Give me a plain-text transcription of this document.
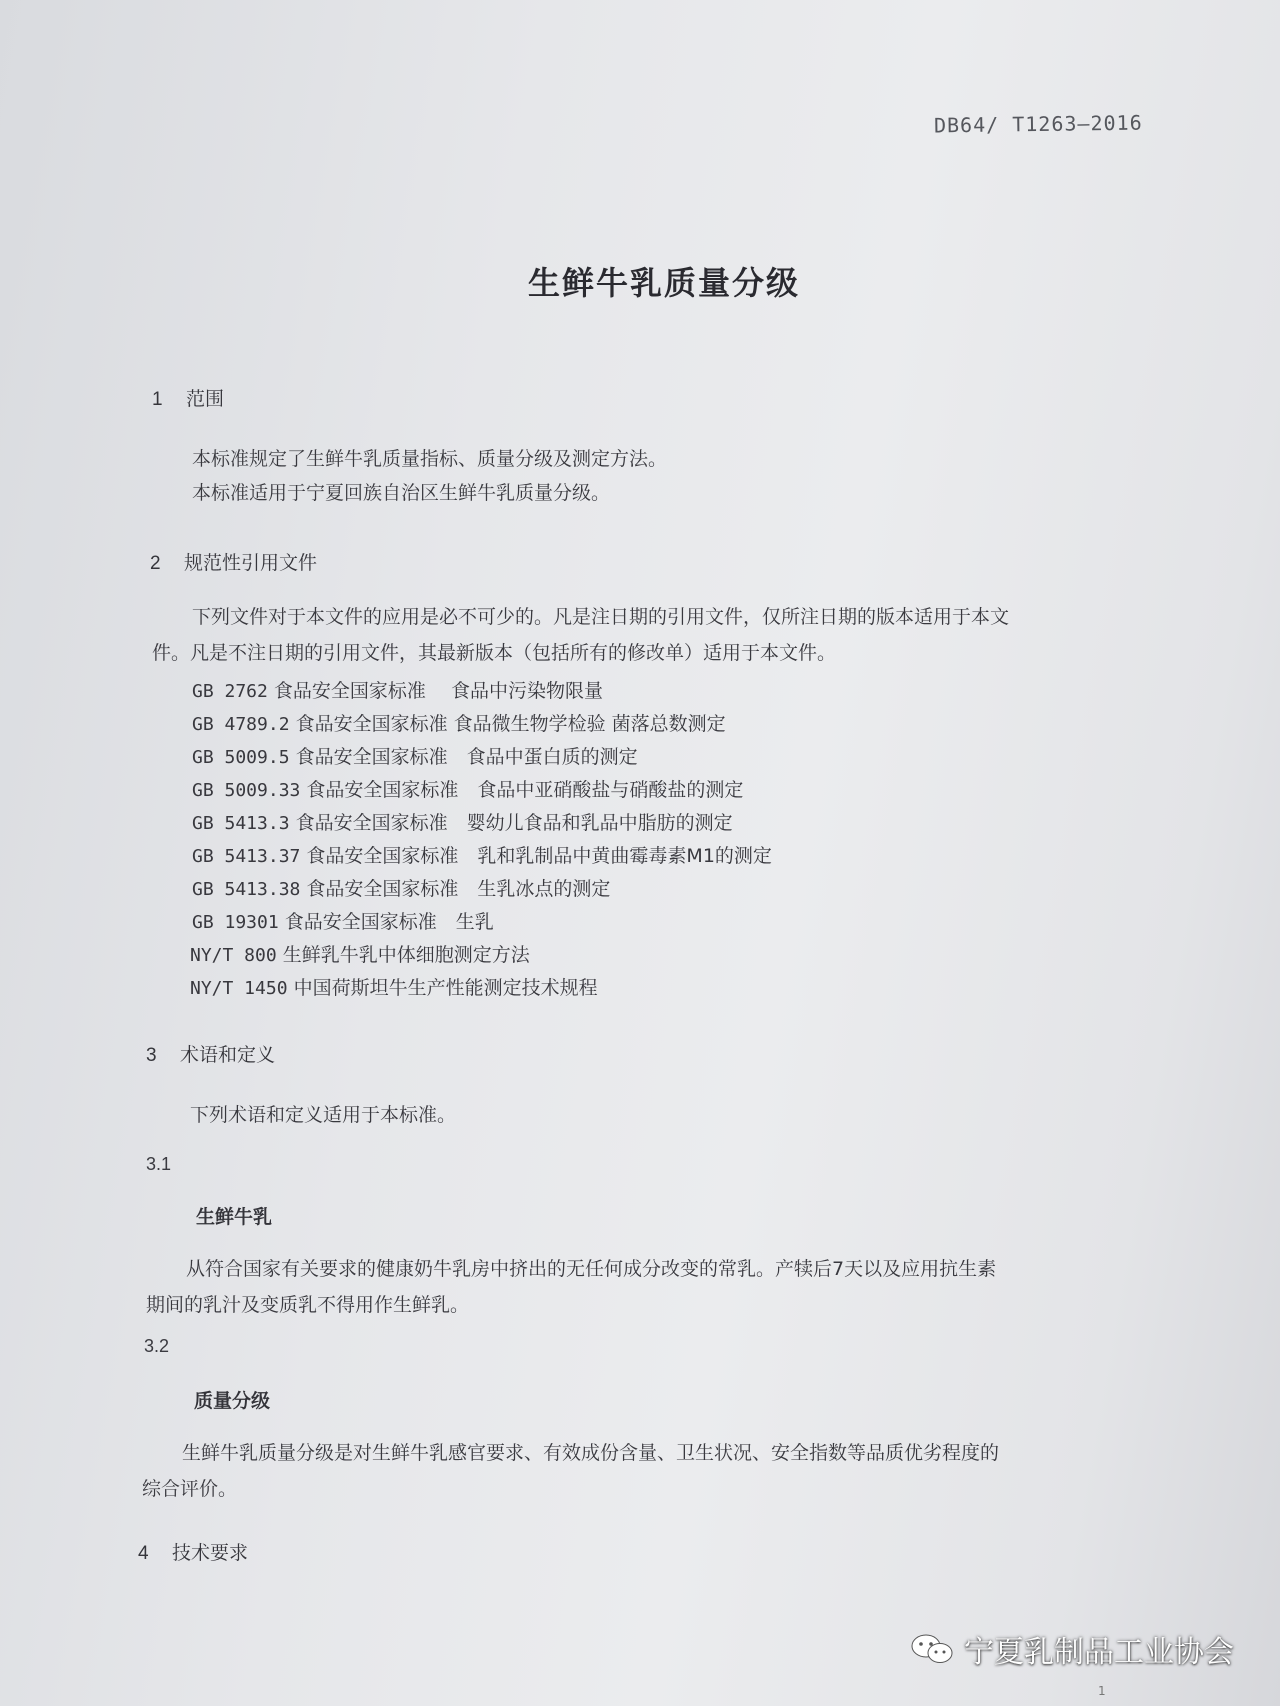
DB64/ T1263—2016
生鲜牛乳质量分级
1 范围
本标准规定了生鲜牛乳质量指标、质量分级及测定方法。
本标准适用于宁夏回族自治区生鲜牛乳质量分级。
2 规范性引用文件
下列文件对于本文件的应用是必不可少的。凡是注日期的引用文件，仅所注日期的版本适用于本文
件。凡是不注日期的引用文件，其最新版本（包括所有的修改单）适用于本文件。
GB 2762 食品安全国家标准　 食品中污染物限量
GB 4789.2 食品安全国家标准 食品微生物学检验 菌落总数测定
GB 5009.5 食品安全国家标准　食品中蛋白质的测定
GB 5009.33 食品安全国家标准　食品中亚硝酸盐与硝酸盐的测定
GB 5413.3 食品安全国家标准　婴幼儿食品和乳品中脂肪的测定
GB 5413.37 食品安全国家标准　乳和乳制品中黄曲霉毒素M1的测定
GB 5413.38 食品安全国家标准　生乳冰点的测定
GB 19301 食品安全国家标准　生乳
NY/T 800 生鲜乳牛乳中体细胞测定方法
NY/T 1450 中国荷斯坦牛生产性能测定技术规程
3 术语和定义
下列术语和定义适用于本标准。
3.1
生鲜牛乳
从符合国家有关要求的健康奶牛乳房中挤出的无任何成分改变的常乳。产犊后7天以及应用抗生素
期间的乳汁及变质乳不得用作生鲜乳。
3.2
质量分级
生鲜牛乳质量分级是对生鲜牛乳感官要求、有效成份含量、卫生状况、安全指数等品质优劣程度的
综合评价。
4 技术要求
宁夏乳制品工业协会
1
